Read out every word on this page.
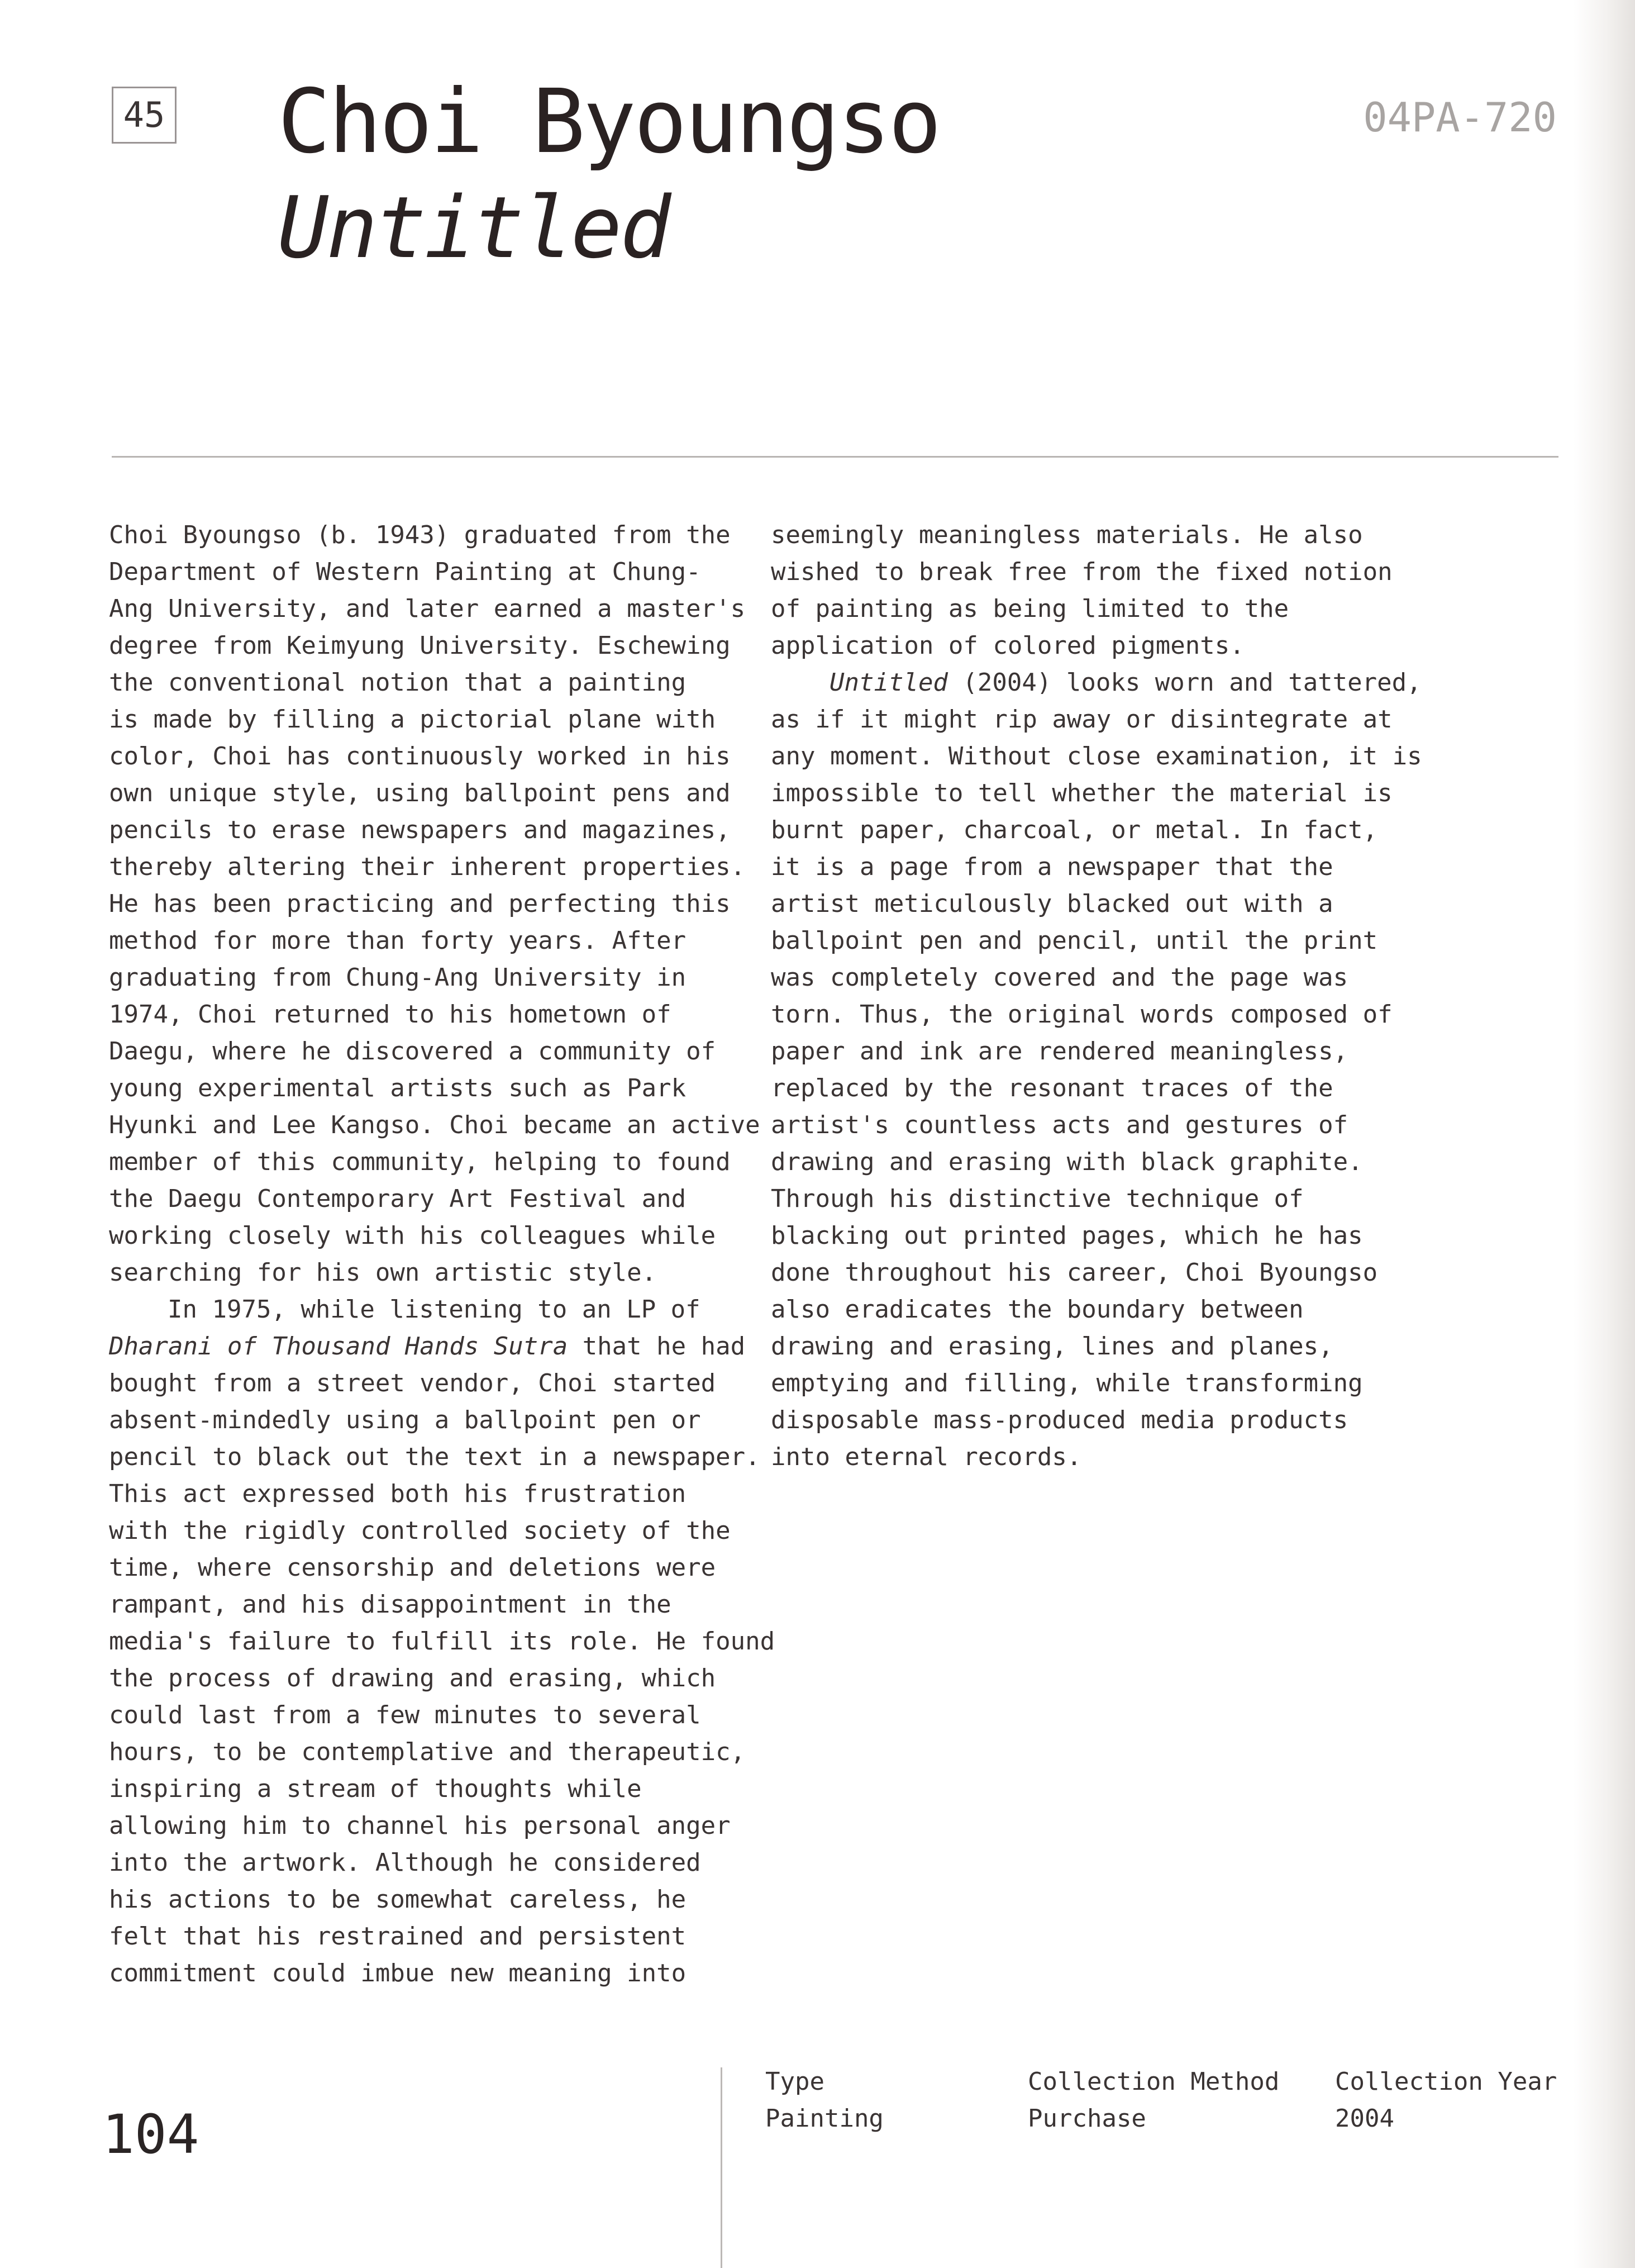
45 Choi Byoungso
Untitled
04PA-720

Choi Byoungso (b. 1943) graduated from the
Department of Western Painting at Chung-
Ang University, and later earned a master's
degree from Keimyung University. Eschewing
the conventional notion that a painting
is made by filling a pictorial plane with
color, Choi has continuously worked in his
own unique style, using ballpoint pens and
pencils to erase newspapers and magazines,
thereby altering their inherent properties.
He has been practicing and perfecting this
method for more than forty years. After
graduating from Chung-Ang University in
1974, Choi returned to his hometown of
Daegu, where he discovered a community of
young experimental artists such as Park
Hyunki and Lee Kangso. Choi became an active
member of this community, helping to found
the Daegu Contemporary Art Festival and
working closely with his colleagues while
searching for his own artistic style.

In 1975, while listening to an LP of
Dharani of Thousand Hands Sutra that he had
bought from a street vendor, Choi started
absent-mindedly using a ballpoint pen or
pencil to black out the text in a newspaper.
This act expressed both his frustration
with the rigidly controlled society of the
time, where censorship and deletions were
rampant, and his disappointment in the
media's failure to fulfill its role. He found
the process of drawing and erasing, which
could last from a few minutes to several
hours, to be contemplative and therapeutic,
inspiring a stream of thoughts while
allowing him to channel his personal anger
into the artwork. Although he considered
his actions to be somewhat careless, he
felt that his restrained and persistent
commitment could imbue new meaning into

seemingly meaningless materials. He also
wished to break free from the fixed notion
of painting as being limited to the
application of colored pigments.

Untitled (2004) looks worn and tattered,
as if it might rip away or disintegrate at
any moment. Without close examination, it is
impossible to tell whether the material is
burnt paper, charcoal, or metal. In fact,
it is a page from a newspaper that the
artist meticulously blacked out with a
ballpoint pen and pencil, until the print
was completely covered and the page was
torn. Thus, the original words composed of
paper and ink are rendered meaningless,
replaced by the resonant traces of the
artist's countless acts and gestures of
drawing and erasing with black graphite.
Through his distinctive technique of
blacking out printed pages, which he has
done throughout his career, Choi Byoungso
also eradicates the boundary between
drawing and erasing, lines and planes,
emptying and filling, while transforming
disposable mass-produced media products
into eternal records.

104
Type
Painting
Collection Method
Purchase
Collection Year
2004
